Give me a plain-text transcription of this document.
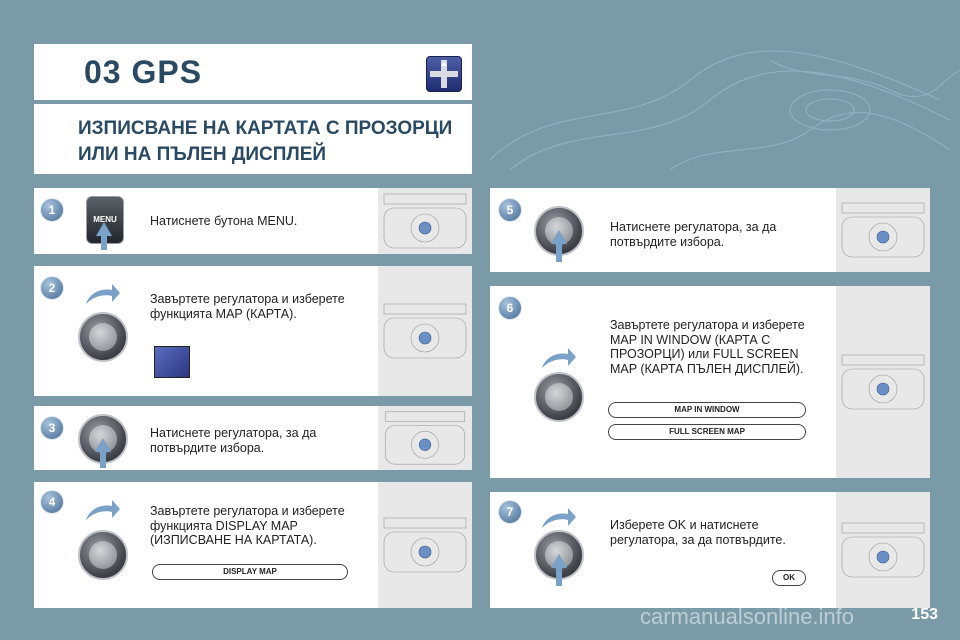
03 GPS
ИЗПИСВАНЕ НА КАРТАТА С ПРОЗОРЦИ
ИЛИ НА ПЪЛЕН ДИСПЛЕЙ
1
MENU	Натиснете бутона MENU.
2
Завъртете регулатора и изберете функцията MAP (КАРТА).
3	Натиснете регулатора, за да потвърдите избора.
4
Завъртете регулатора и изберете функцията DISPLAY MAP (ИЗПИСВАНЕ НА КАРТАТА).
DISPLAY MAP
5
Натиснете регулатора, за да потвърдите избора.
6
Завъртете регулатора и изберете MAP IN WINDOW (КАРТА С ПРОЗОРЦИ) или FULL SCREEN MAP (КАРТА ПЪЛЕН ДИСПЛЕЙ).
MAP IN WINDOW
FULL SCREEN MAP
7
Изберете OK и натиснете регулатора, за да потвърдите.
OK
carmanualsonline.info	153
